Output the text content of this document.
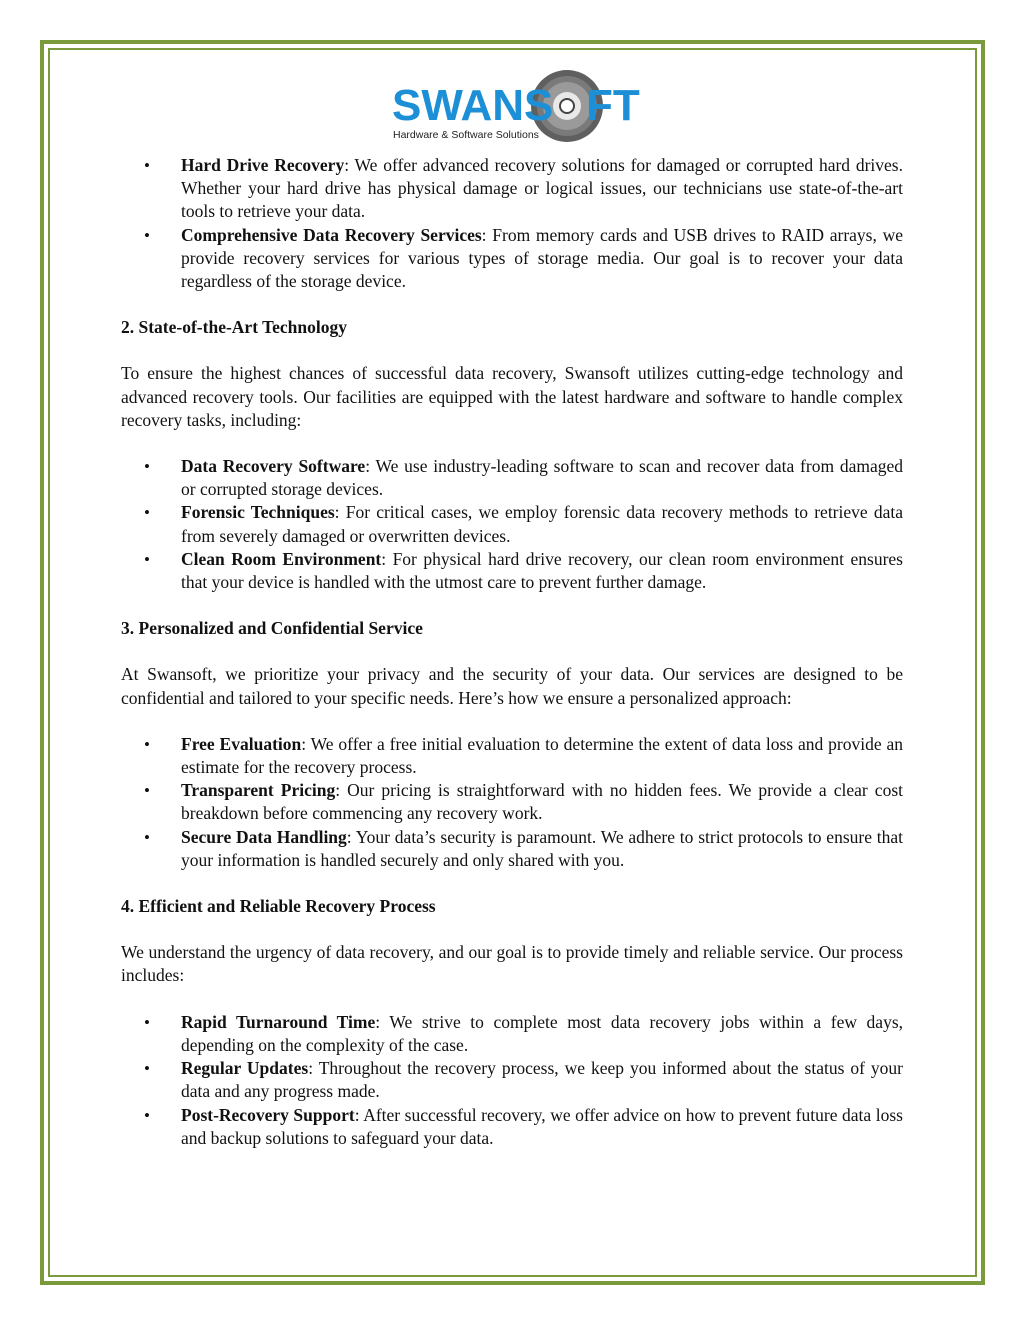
SWANS FT
Hardware & Software Solutions
• Hard Drive Recovery: We offer advanced recovery solutions for damaged or corrupted hard drives. Whether your hard drive has physical damage or logical issues, our technicians use state-of-the-art tools to retrieve your data.
• Comprehensive Data Recovery Services: From memory cards and USB drives to RAID arrays, we provide recovery services for various types of storage media. Our goal is to recover your data regardless of the storage device.
2. State-of-the-Art Technology

To ensure the highest chances of successful data recovery, Swansoft utilizes cutting-edge technology and advanced recovery tools. Our facilities are equipped with the latest hardware and software to handle complex recovery tasks, including:

• Data Recovery Software: We use industry-leading software to scan and recover data from damaged or corrupted storage devices.
• Forensic Techniques: For critical cases, we employ forensic data recovery methods to retrieve data from severely damaged or overwritten devices.
• Clean Room Environment: For physical hard drive recovery, our clean room environment ensures that your device is handled with the utmost care to prevent further damage.
3. Personalized and Confidential Service

At Swansoft, we prioritize your privacy and the security of your data. Our services are designed to be confidential and tailored to your specific needs. Here’s how we ensure a personalized approach:

• Free Evaluation: We offer a free initial evaluation to determine the extent of data loss and provide an estimate for the recovery process.
• Transparent Pricing: Our pricing is straightforward with no hidden fees. We provide a clear cost breakdown before commencing any recovery work.
• Secure Data Handling: Your data’s security is paramount. We adhere to strict protocols to ensure that your information is handled securely and only shared with you.
4. Efficient and Reliable Recovery Process

We understand the urgency of data recovery, and our goal is to provide timely and reliable service. Our process includes:

• Rapid Turnaround Time: We strive to complete most data recovery jobs within a few days, depending on the complexity of the case.
• Regular Updates: Throughout the recovery process, we keep you informed about the status of your data and any progress made.
• Post-Recovery Support: After successful recovery, we offer advice on how to prevent future data loss and backup solutions to safeguard your data.
